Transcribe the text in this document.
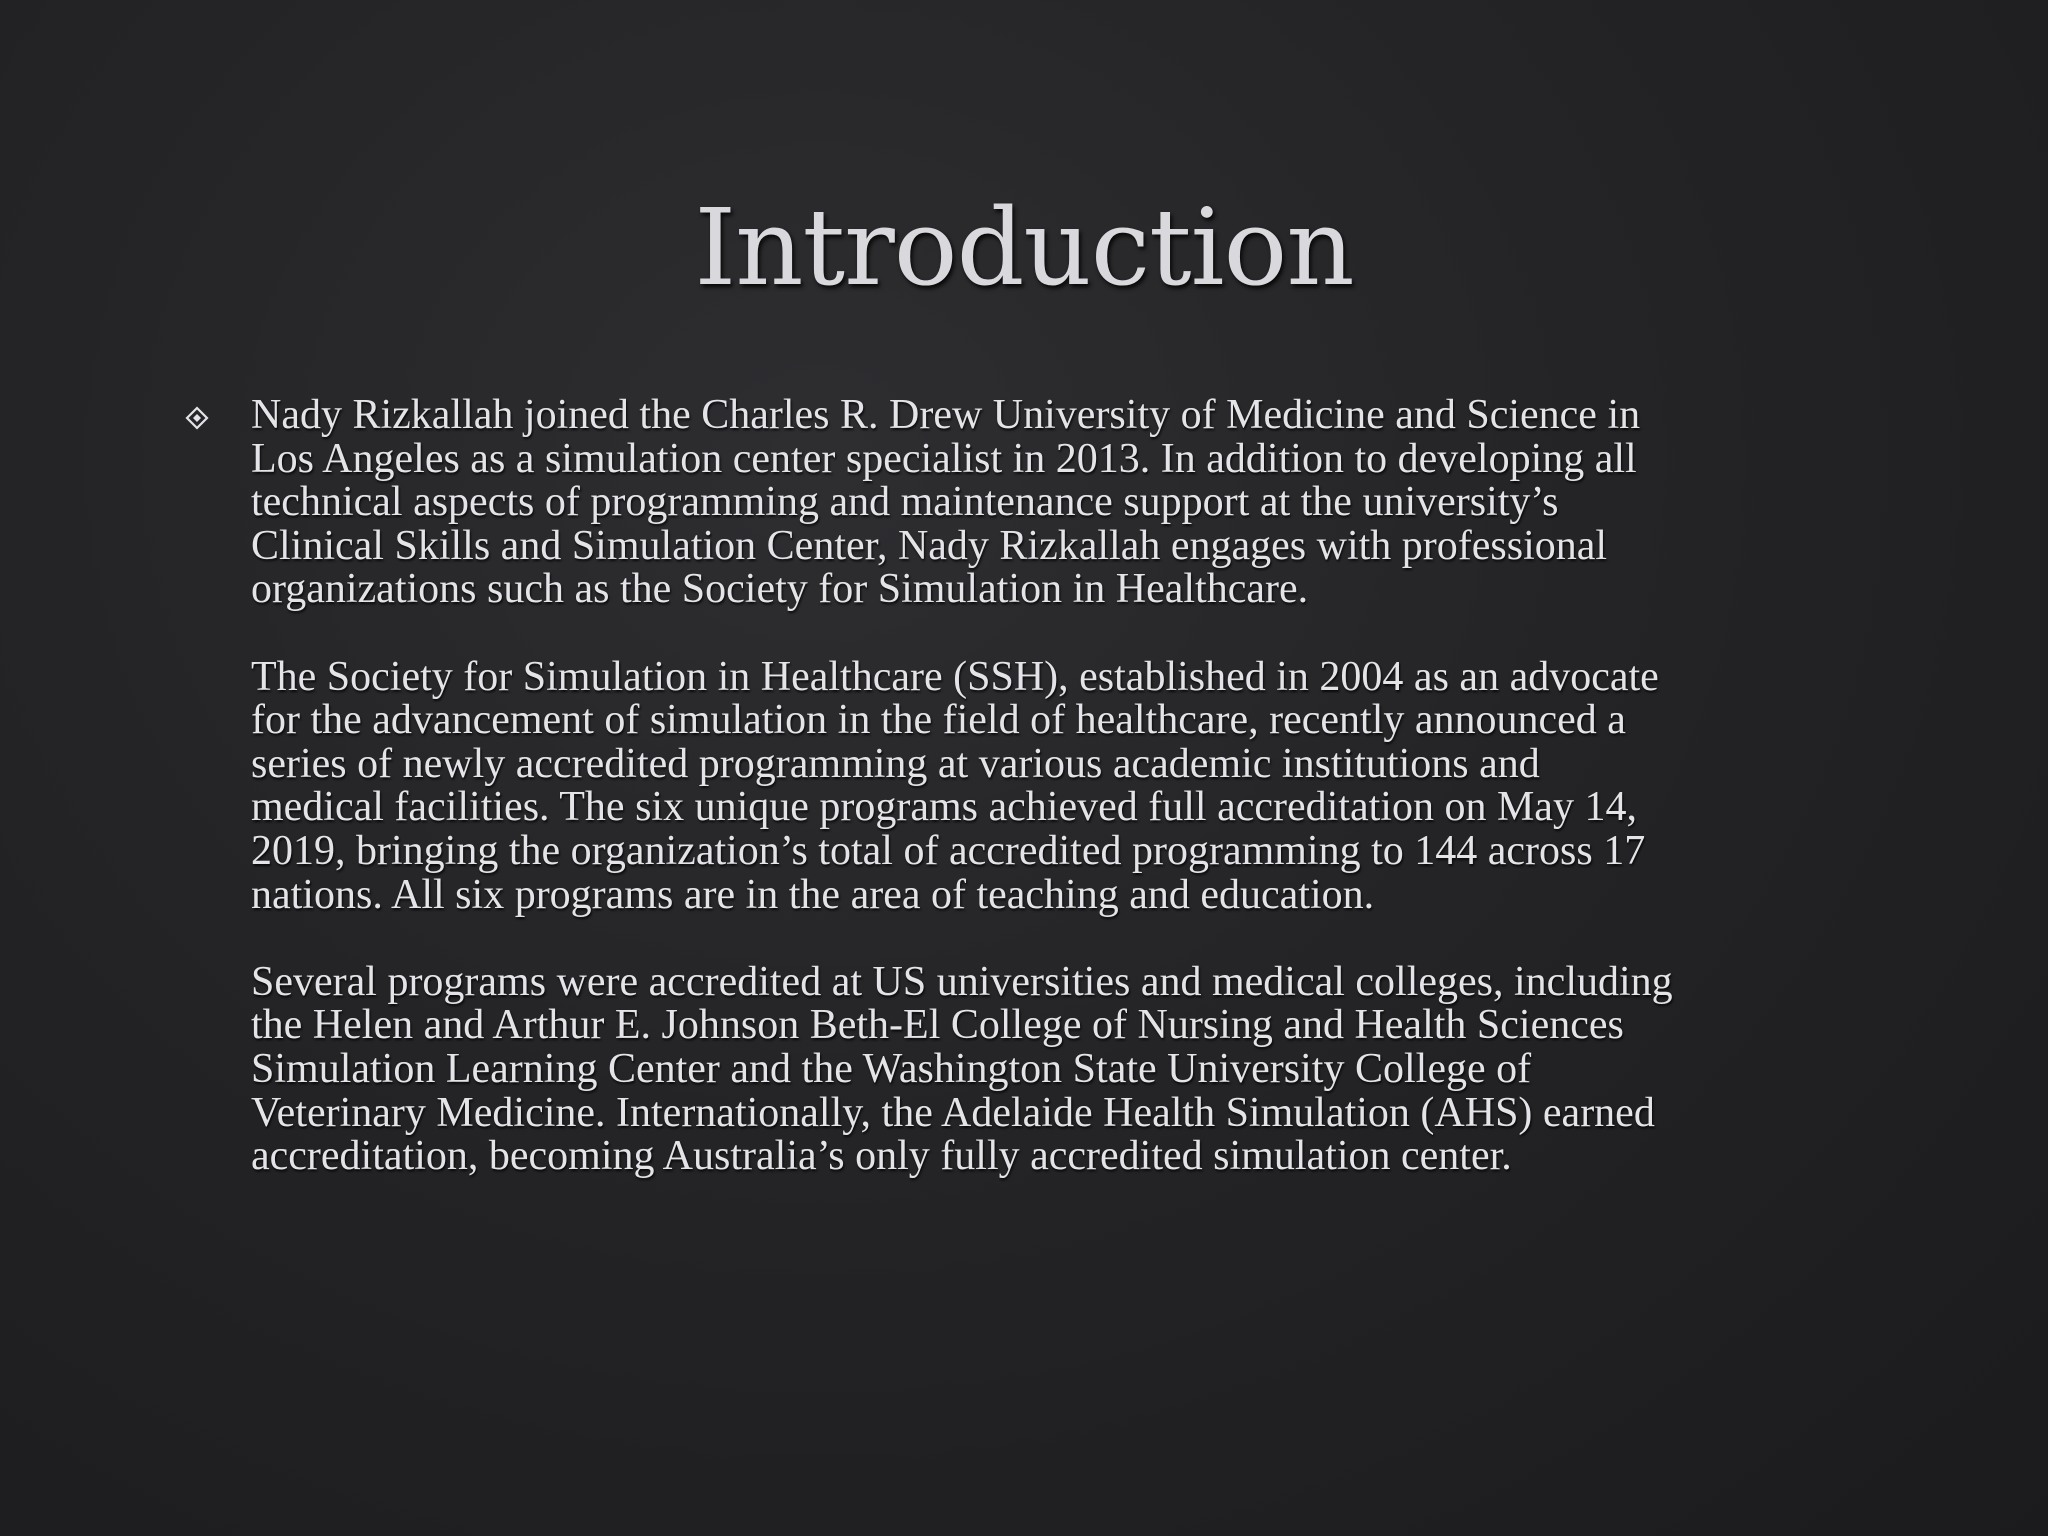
Introduction

Nady Rizkallah joined the Charles R. Drew University of Medicine and Science in
Los Angeles as a simulation center specialist in 2013. In addition to developing all
technical aspects of programming and maintenance support at the university’s
Clinical Skills and Simulation Center, Nady Rizkallah engages with professional
organizations such as the Society for Simulation in Healthcare.

The Society for Simulation in Healthcare (SSH), established in 2004 as an advocate
for the advancement of simulation in the field of healthcare, recently announced a
series of newly accredited programming at various academic institutions and
medical facilities. The six unique programs achieved full accreditation on May 14,
2019, bringing the organization’s total of accredited programming to 144 across 17
nations. All six programs are in the area of teaching and education.

Several programs were accredited at US universities and medical colleges, including
the Helen and Arthur E. Johnson Beth-El College of Nursing and Health Sciences
Simulation Learning Center and the Washington State University College of
Veterinary Medicine. Internationally, the Adelaide Health Simulation (AHS) earned
accreditation, becoming Australia’s only fully accredited simulation center.
